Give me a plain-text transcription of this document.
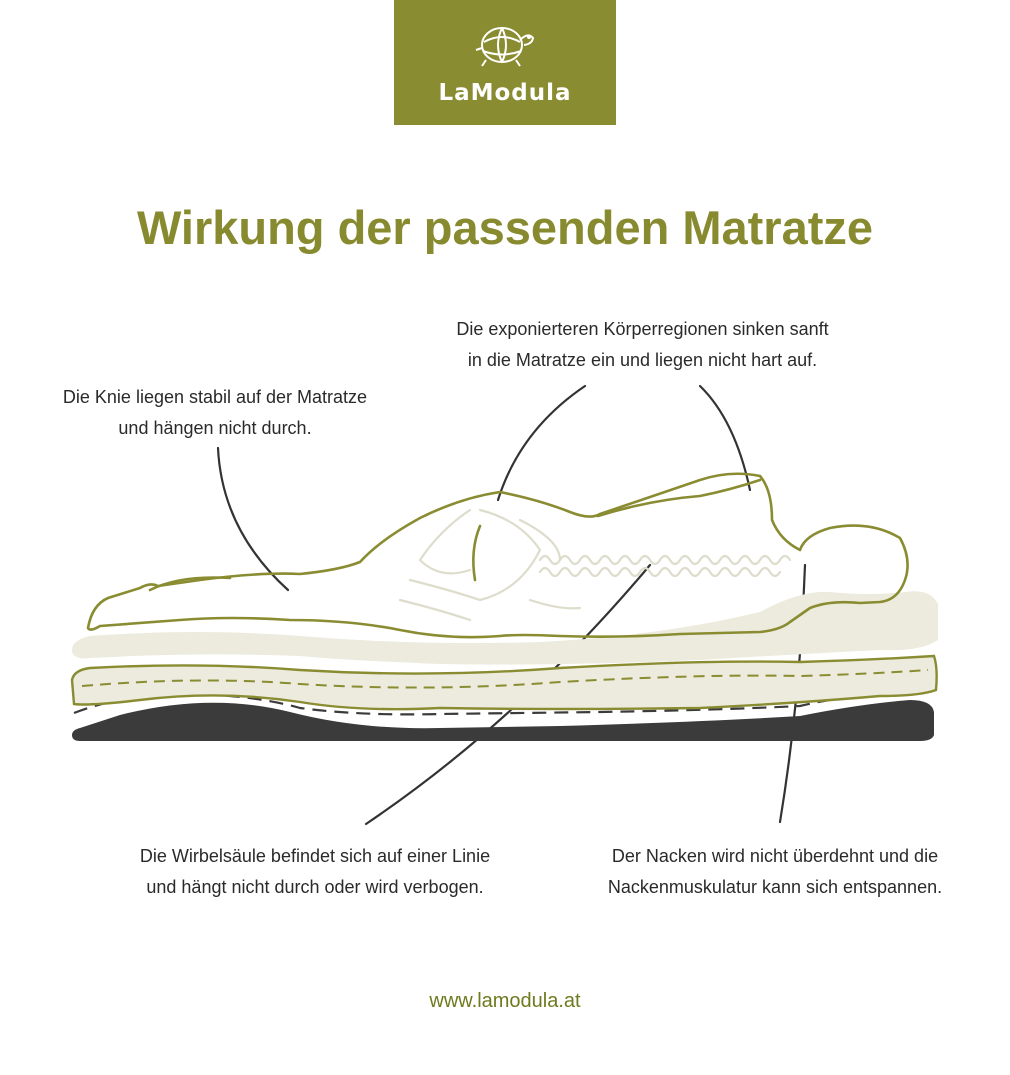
LaModula
Wirkung der passenden Matratze

Die Knie liegen stabil auf der Matratze
und hängen nicht durch.

Die exponierteren Körperregionen sinken sanft
in die Matratze ein und liegen nicht hart auf.

Die Wirbelsäule befindet sich auf einer Linie
und hängt nicht durch oder wird verbogen.

Der Nacken wird nicht überdehnt und die
Nackenmuskulatur kann sich entspannen.

www.lamodula.at
